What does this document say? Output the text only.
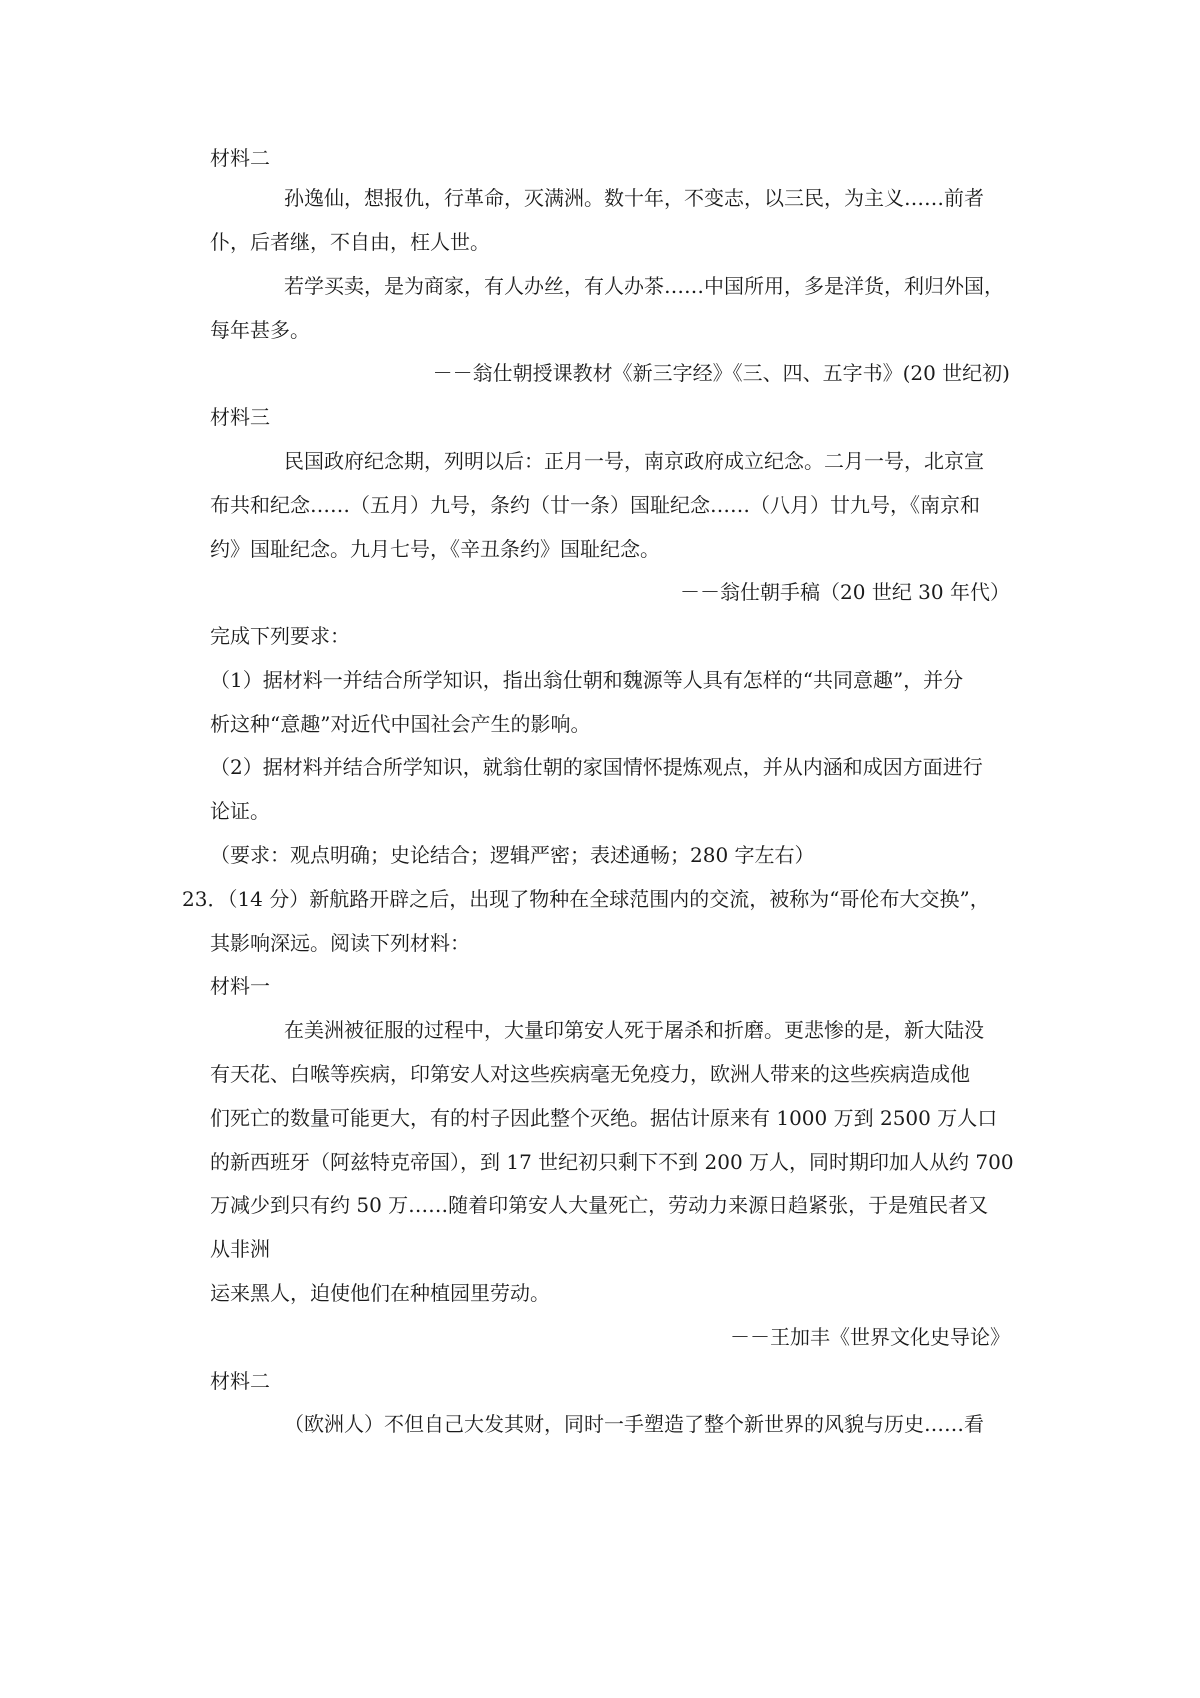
材料二
孙逸仙，想报仇，行革命，灭满洲。数十年，不变志，以三民，为主义……前者
仆，后者继，不自由，枉人世。
若学买卖，是为商家，有人办丝，有人办茶……中国所用，多是洋货，利归外国，
每年甚多。
－－翁仕朝授课教材《新三字经》《三、四、五字书》(20 世纪初)
材料三
民国政府纪念期，列明以后：正月一号，南京政府成立纪念。二月一号，北京宣
布共和纪念……（五月）九号，条约（廿一条）国耻纪念……（八月）廿九号，《南京和
约》国耻纪念。九月七号，《辛丑条约》国耻纪念。
－－翁仕朝手稿（20 世纪 30 年代）
完成下列要求：
（1）据材料一并结合所学知识，指出翁仕朝和魏源等人具有怎样的“共同意趣”，并分
析这种“意趣”对近代中国社会产生的影响。
（2）据材料并结合所学知识，就翁仕朝的家国情怀提炼观点，并从内涵和成因方面进行
论证。
（要求：观点明确；史论结合；逻辑严密；表述通畅；280 字左右）
23．（14 分）新航路开辟之后，出现了物种在全球范围内的交流，被称为“哥伦布大交换”，
其影响深远。阅读下列材料：
材料一
在美洲被征服的过程中，大量印第安人死于屠杀和折磨。更悲惨的是，新大陆没
有天花、白喉等疾病，印第安人对这些疾病毫无免疫力，欧洲人带来的这些疾病造成他
们死亡的数量可能更大，有的村子因此整个灭绝。据估计原来有 1000 万到 2500 万人口
的新西班牙（阿兹特克帝国），到 17 世纪初只剩下不到 200 万人，同时期印加人从约 700
万减少到只有约 50 万……随着印第安人大量死亡，劳动力来源日趋紧张，于是殖民者又
从非洲
运来黑人，迫使他们在种植园里劳动。
－－王加丰《世界文化史导论》
材料二
（欧洲人）不但自己大发其财，同时一手塑造了整个新世界的风貌与历史……看
